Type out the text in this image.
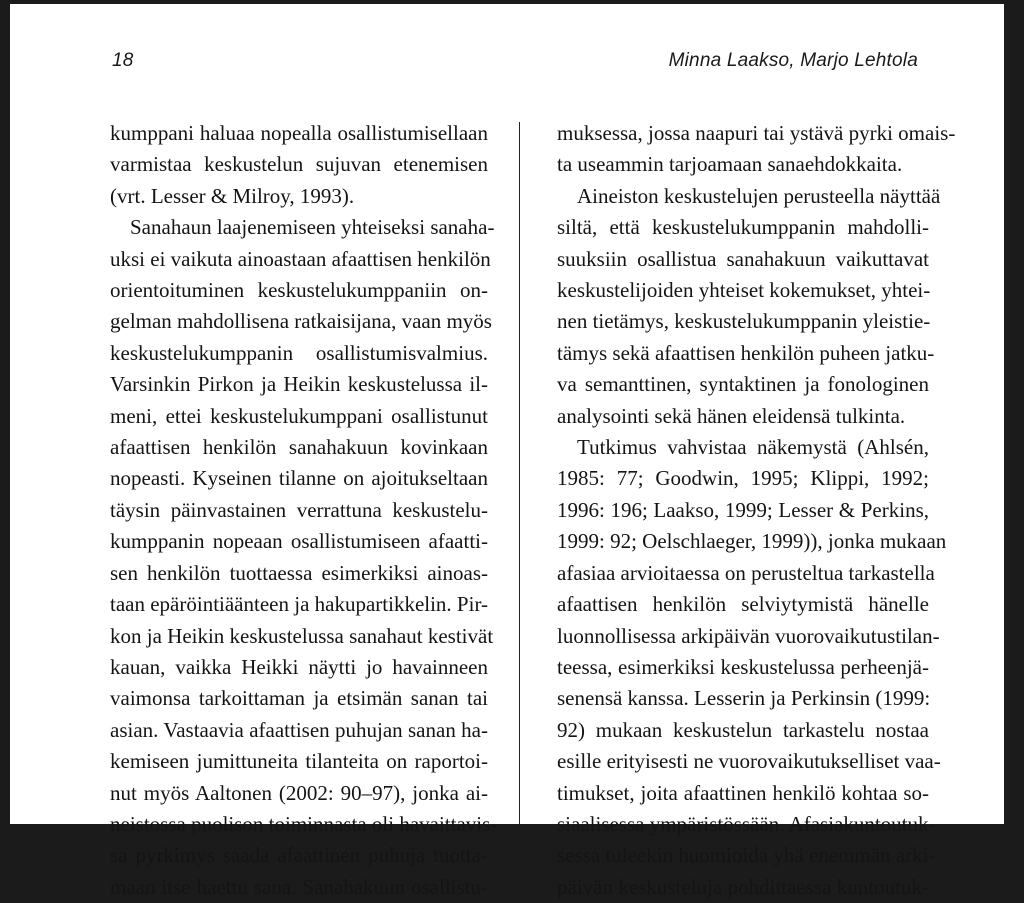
18	Minna Laakso, Marjo Lehtola
kumppani haluaa nopealla osallistumisellaan
varmistaa keskustelun sujuvan etenemisen
(vrt. Lesser & Milroy, 1993).
Sanahaun laajenemiseen yhteiseksi sanaha-
uksi ei vaikuta ainoastaan afaattisen henkilön
orientoituminen keskustelukumppaniin on-
gelman mahdollisena ratkaisijana, vaan myös
keskustelukumppanin osallistumisvalmius.
Varsinkin Pirkon ja Heikin keskustelussa il-
meni, ettei keskustelukumppani osallistunut
afaattisen henkilön sanahakuun kovinkaan
nopeasti. Kyseinen tilanne on ajoitukseltaan
täysin päinvastainen verrattuna keskustelu-
kumppanin nopeaan osallistumiseen afaatti-
sen henkilön tuottaessa esimerkiksi ainoas-
taan epäröintiäänteen ja hakupartikkelin. Pir-
kon ja Heikin keskustelussa sanahaut kestivät
kauan, vaikka Heikki näytti jo havainneen
vaimonsa tarkoittaman ja etsimän sanan tai
asian. Vastaavia afaattisen puhujan sanan ha-
kemiseen jumittuneita tilanteita on raportoi-
nut myös Aaltonen (2002: 90–97), jonka ai-
neistossa puolison toiminnasta oli havaittavis-
sa pyrkimys saada afaattinen puhuja tuotta-
maan itse haettu sana. Sanahakuun osallistu-
muksessa, jossa naapuri tai ystävä pyrki omais-
ta useammin tarjoamaan sanaehdokkaita.
Aineiston keskustelujen perusteella näyttää
siltä, että keskustelukumppanin mahdolli-
suuksiin osallistua sanahakuun vaikuttavat
keskustelijoiden yhteiset kokemukset, yhtei-
nen tietämys, keskustelukumppanin yleistie-
tämys sekä afaattisen henkilön puheen jatku-
va semanttinen, syntaktinen ja fonologinen
analysointi sekä hänen eleidensä tulkinta.
Tutkimus vahvistaa näkemystä (Ahlsén,
1985: 77; Goodwin, 1995; Klippi, 1992;
1996: 196; Laakso, 1999; Lesser & Perkins,
1999: 92; Oelschlaeger, 1999)), jonka mukaan
afasiaa arvioitaessa on perusteltua tarkastella
afaattisen henkilön selviytymistä hänelle
luonnollisessa arkipäivän vuorovaikutustilan-
teessa, esimerkiksi keskustelussa perheenjä-
senensä kanssa. Lesserin ja Perkinsin (1999:
92) mukaan keskustelun tarkastelu nostaa
esille erityisesti ne vuorovaikutukselliset vaa-
timukset, joita afaattinen henkilö kohtaa so-
siaalisessa ympäristössään. Afasiakuntoutuk-
sessa tuleekin huomioida yhä enemmän arki-
päivän keskusteluja pohdittaessa kuntoutuk-
